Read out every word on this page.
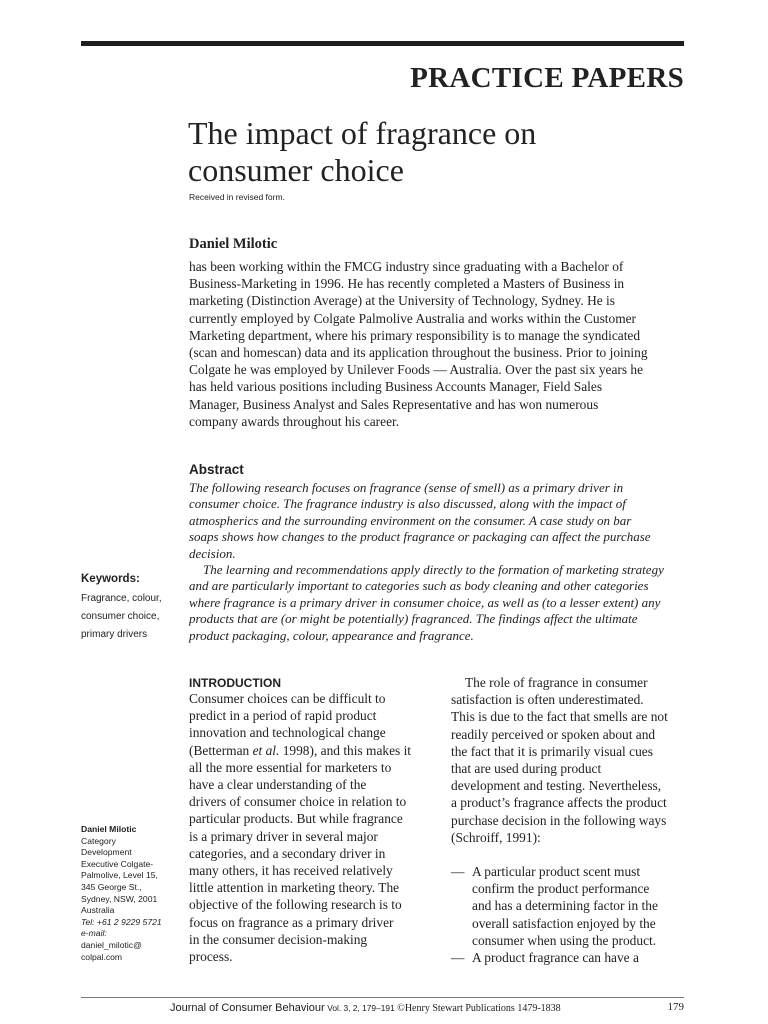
PRACTICE PAPERS
The impact of fragrance on
consumer choice
Received in revised form.
Daniel Milotic
has been working within the FMCG industry since graduating with a Bachelor of
Business-Marketing in 1996. He has recently completed a Masters of Business in
marketing (Distinction Average) at the University of Technology, Sydney. He is
currently employed by Colgate Palmolive Australia and works within the Customer
Marketing department, where his primary responsibility is to manage the syndicated
(scan and homescan) data and its application throughout the business. Prior to joining
Colgate he was employed by Unilever Foods — Australia. Over the past six years he
has held various positions including Business Accounts Manager, Field Sales
Manager, Business Analyst and Sales Representative and has won numerous
company awards throughout his career.
Abstract
The following research focuses on fragrance (sense of smell) as a primary driver in
consumer choice. The fragrance industry is also discussed, along with the impact of
atmospherics and the surrounding environment on the consumer. A case study on bar
soaps shows how changes to the product fragrance or packaging can affect the purchase
decision.
The learning and recommendations apply directly to the formation of marketing strategy
and are particularly important to categories such as body cleaning and other categories
where fragrance is a primary driver in consumer choice, as well as (to a lesser extent) any
products that are (or might be potentially) fragranced. The findings affect the ultimate
product packaging, colour, appearance and fragrance.
Keywords:
Fragrance, colour,
consumer choice,
primary drivers
INTRODUCTION
Consumer choices can be difficult to
predict in a period of rapid product
innovation and technological change
(Betterman et al. 1998), and this makes it
all the more essential for marketers to
have a clear understanding of the
drivers of consumer choice in relation to
particular products. But while fragrance
is a primary driver in several major
categories, and a secondary driver in
many others, it has received relatively
little attention in marketing theory. The
objective of the following research is to
focus on fragrance as a primary driver
in the consumer decision-making
process.
The role of fragrance in consumer
satisfaction is often underestimated.
This is due to the fact that smells are not
readily perceived or spoken about and
the fact that it is primarily visual cues
that are used during product
development and testing. Nevertheless,
a product’s fragrance affects the product
purchase decision in the following ways
(Schroiff, 1991):
— A particular product scent must
confirm the product performance
and has a determining factor in the
overall satisfaction enjoyed by the
consumer when using the product.
— A product fragrance can have a
Daniel Milotic
Category
Development
Executive Colgate-
Palmolive, Level 15,
345 George St.,
Sydney, NSW, 2001
Australia
Tel: +61 2 9229 5721
e-mail:
daniel_milotic@
colpal.com
Journal of Consumer Behaviour Vol. 3, 2, 179–191 ©Henry Stewart Publications 1479-1838	179
